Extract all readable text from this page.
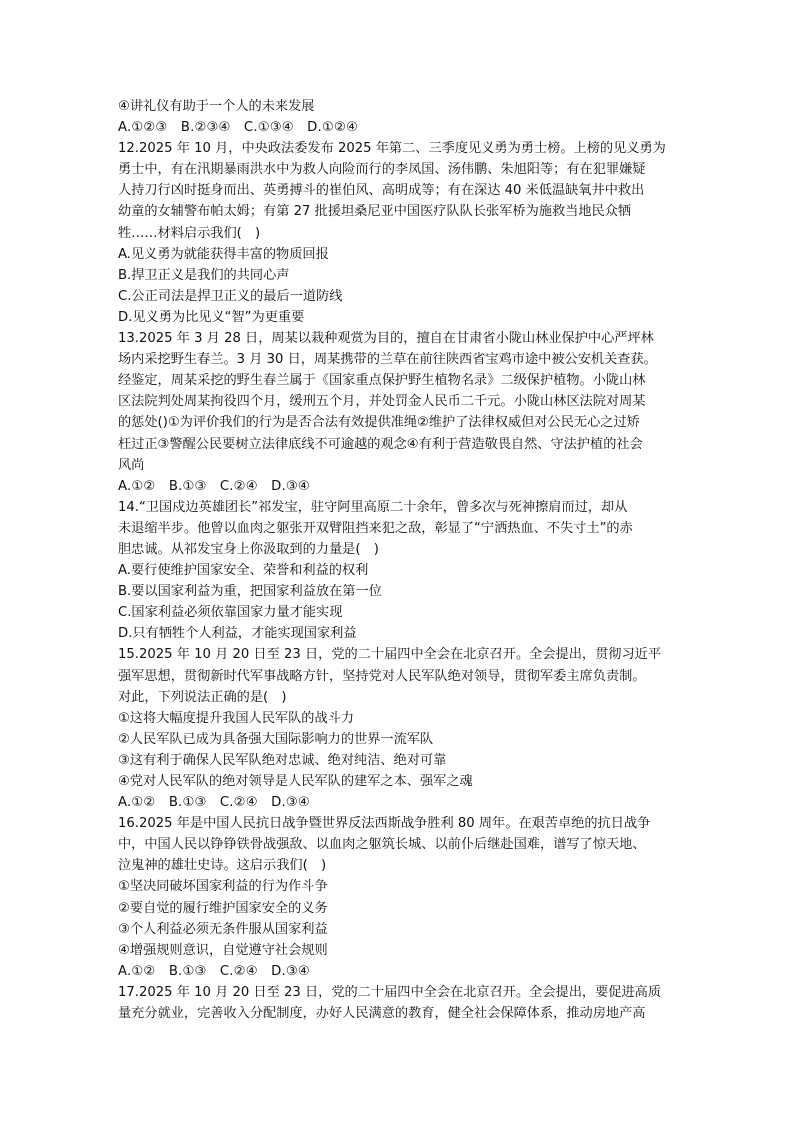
④讲礼仪有助于一个人的未来发展
A.①②③　B.②③④　C.①③④　D.①②④
12.2025 年 10 月，中央政法委发布 2025 年第二、三季度见义勇为勇士榜。上榜的见义勇为
勇士中，有在汛期暴雨洪水中为救人向险而行的李凤国、汤伟鹏、朱旭阳等；有在犯罪嫌疑
人持刀行凶时挺身而出、英勇搏斗的崔伯风、高明成等；有在深达 40 米低温缺氧井中救出
幼童的女辅警布帕太姆；有第 27 批援坦桑尼亚中国医疗队队长张军桥为施救当地民众牺
牲……材料启示我们(　)
A.见义勇为就能获得丰富的物质回报
B.捍卫正义是我们的共同心声
C.公正司法是捍卫正义的最后一道防线
D.见义勇为比见义“智”为更重要
13.2025 年 3 月 28 日，周某以栽种观赏为目的，擅自在甘肃省小陇山林业保护中心严坪林
场内采挖野生春兰。3 月 30 日，周某携带的兰草在前往陕西省宝鸡市途中被公安机关查获。
经鉴定，周某采挖的野生春兰属于《国家重点保护野生植物名录》二级保护植物。小陇山林
区法院判处周某拘役四个月，缓刑五个月，并处罚金人民币二千元。小陇山林区法院对周某
的惩处()①为评价我们的行为是否合法有效提供准绳②维护了法律权威但对公民无心之过矫
枉过正③警醒公民要树立法律底线不可逾越的观念④有利于营造敬畏自然、守法护植的社会
风尚
A.①②　B.①③　C.②④　D.③④
14.“卫国戍边英雄团长”祁发宝，驻守阿里高原二十余年，曾多次与死神擦肩而过，却从
未退缩半步。他曾以血肉之躯张开双臂阻挡来犯之敌，彰显了“宁洒热血、不失寸土”的赤
胆忠诚。从祁发宝身上你汲取到的力量是(　)
A.要行使维护国家安全、荣誉和利益的权利
B.要以国家利益为重，把国家利益放在第一位
C.国家利益必须依靠国家力量才能实现
D.只有牺牲个人利益，才能实现国家利益
15.2025 年 10 月 20 日至 23 日，党的二十届四中全会在北京召开。全会提出，贯彻习近平
强军思想，贯彻新时代军事战略方针，坚持党对人民军队绝对领导，贯彻军委主席负责制。
对此，下列说法正确的是(　)
①这将大幅度提升我国人民军队的战斗力
②人民军队已成为具备强大国际影响力的世界一流军队
③这有利于确保人民军队绝对忠诚、绝对纯洁、绝对可靠
④党对人民军队的绝对领导是人民军队的建军之本、强军之魂
A.①②　B.①③　C.②④　D.③④
16.2025 年是中国人民抗日战争暨世界反法西斯战争胜利 80 周年。在艰苦卓绝的抗日战争
中，中国人民以铮铮铁骨战强敌、以血肉之躯筑长城、以前仆后继赴国难，谱写了惊天地、
泣鬼神的雄壮史诗。这启示我们(　)
①坚决同破坏国家利益的行为作斗争
②要自觉的履行维护国家安全的义务
③个人利益必须无条件服从国家利益
④增强规则意识，自觉遵守社会规则
A.①②　B.①③　C.②④　D.③④
17.2025 年 10 月 20 日至 23 日，党的二十届四中全会在北京召开。全会提出，要促进高质
量充分就业，完善收入分配制度，办好人民满意的教育，健全社会保障体系，推动房地产高
